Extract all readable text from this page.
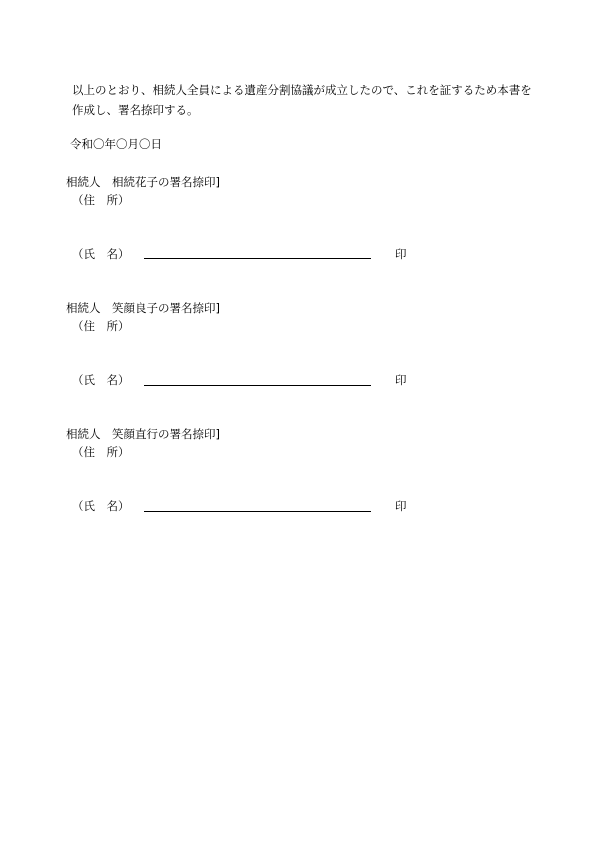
以上のとおり、相続人全員による遺産分割協議が成立したので、これを証するため本書を作成し、署名捺印する。

令和〇年〇月〇日
相続人　相続花子の署名捺印]
（住　所）
（氏　名）	印
相続人　笑顔良子の署名捺印]
（住　所）
（氏　名）	印
相続人　笑顔直行の署名捺印]
（住　所）
（氏　名）	印
